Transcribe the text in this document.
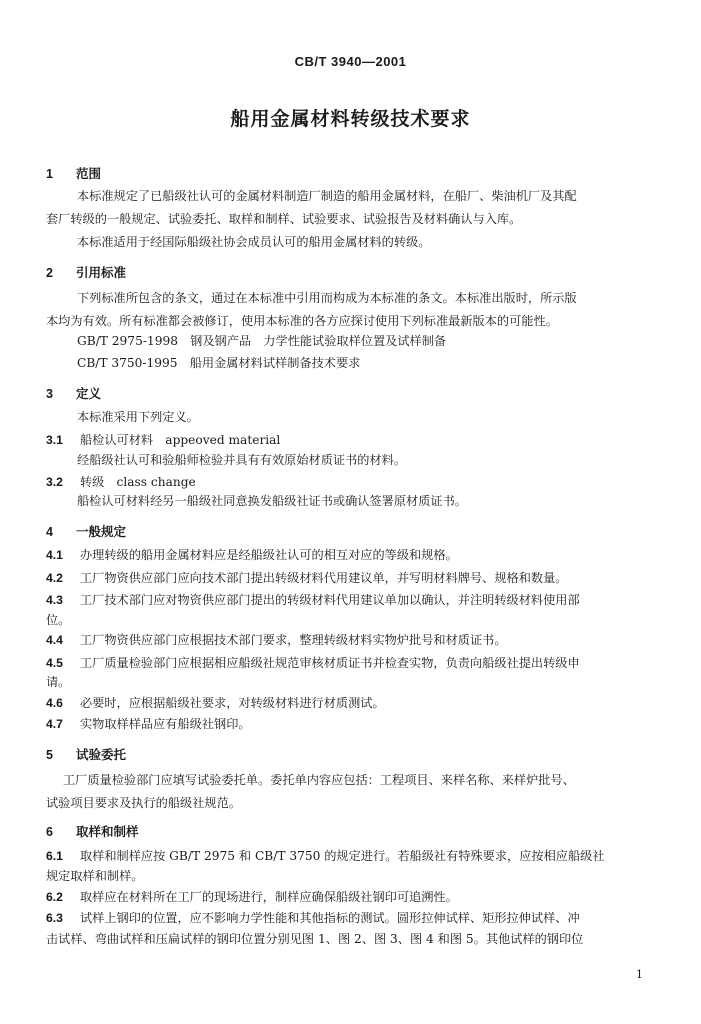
CB/T 3940—2001
船用金属材料转级技术要求
1 范围
本标准规定了已船级社认可的金属材料制造厂制造的船用金属材料，在船厂、柴油机厂及其配
套厂转级的一般规定、试验委托、取样和制样、试验要求、试验报告及材料确认与入库。
本标准适用于经国际船级社协会成员认可的船用金属材料的转级。
2 引用标准
下列标准所包含的条文，通过在本标准中引用而构成为本标准的条文。本标准出版时，所示版
本均为有效。所有标准都会被修订，使用本标准的各方应探讨使用下列标准最新版本的可能性。
GB/T 2975-1998　钢及钢产品　力学性能试验取样位置及试样制备
CB/T 3750-1995　船用金属材料试样制备技术要求
3 定义
本标准采用下列定义。
3.1 船检认可材料　appeoved material
经船级社认可和验船师检验并具有有效原始材质证书的材料。
3.2 转级　class change
船检认可材料经另一船级社同意换发船级社证书或确认签署原材质证书。
4 一般规定
4.1 办理转级的船用金属材料应是经船级社认可的相互对应的等级和规格。
4.2 工厂物资供应部门应向技术部门提出转级材料代用建议单，并写明材料牌号、规格和数量。
4.3 工厂技术部门应对物资供应部门提出的转级材料代用建议单加以确认，并注明转级材料使用部
位。
4.4 工厂物资供应部门应根据技术部门要求，整理转级材料实物炉批号和材质证书。
4.5 工厂质量检验部门应根据相应船级社规范审核材质证书并检查实物，负责向船级社提出转级申
请。
4.6 必要时，应根据船级社要求，对转级材料进行材质测试。
4.7 实物取样样品应有船级社钢印。
5 试验委托
工厂质量检验部门应填写试验委托单。委托单内容应包括：工程项目、来样名称、来样炉批号、
试验项目要求及执行的船级社规范。
6 取样和制样
6.1 取样和制样应按 GB/T 2975 和 CB/T 3750 的规定进行。若船级社有特殊要求，应按相应船级社
规定取样和制样。
6.2 取样应在材料所在工厂的现场进行，制样应确保船级社钢印可追溯性。
6.3 试样上钢印的位置，应不影响力学性能和其他指标的测试。圆形拉伸试样、矩形拉伸试样、冲
击试样、弯曲试样和压扁试样的钢印位置分别见图 1、图 2、图 3、图 4 和图 5。其他试样的钢印位
1
